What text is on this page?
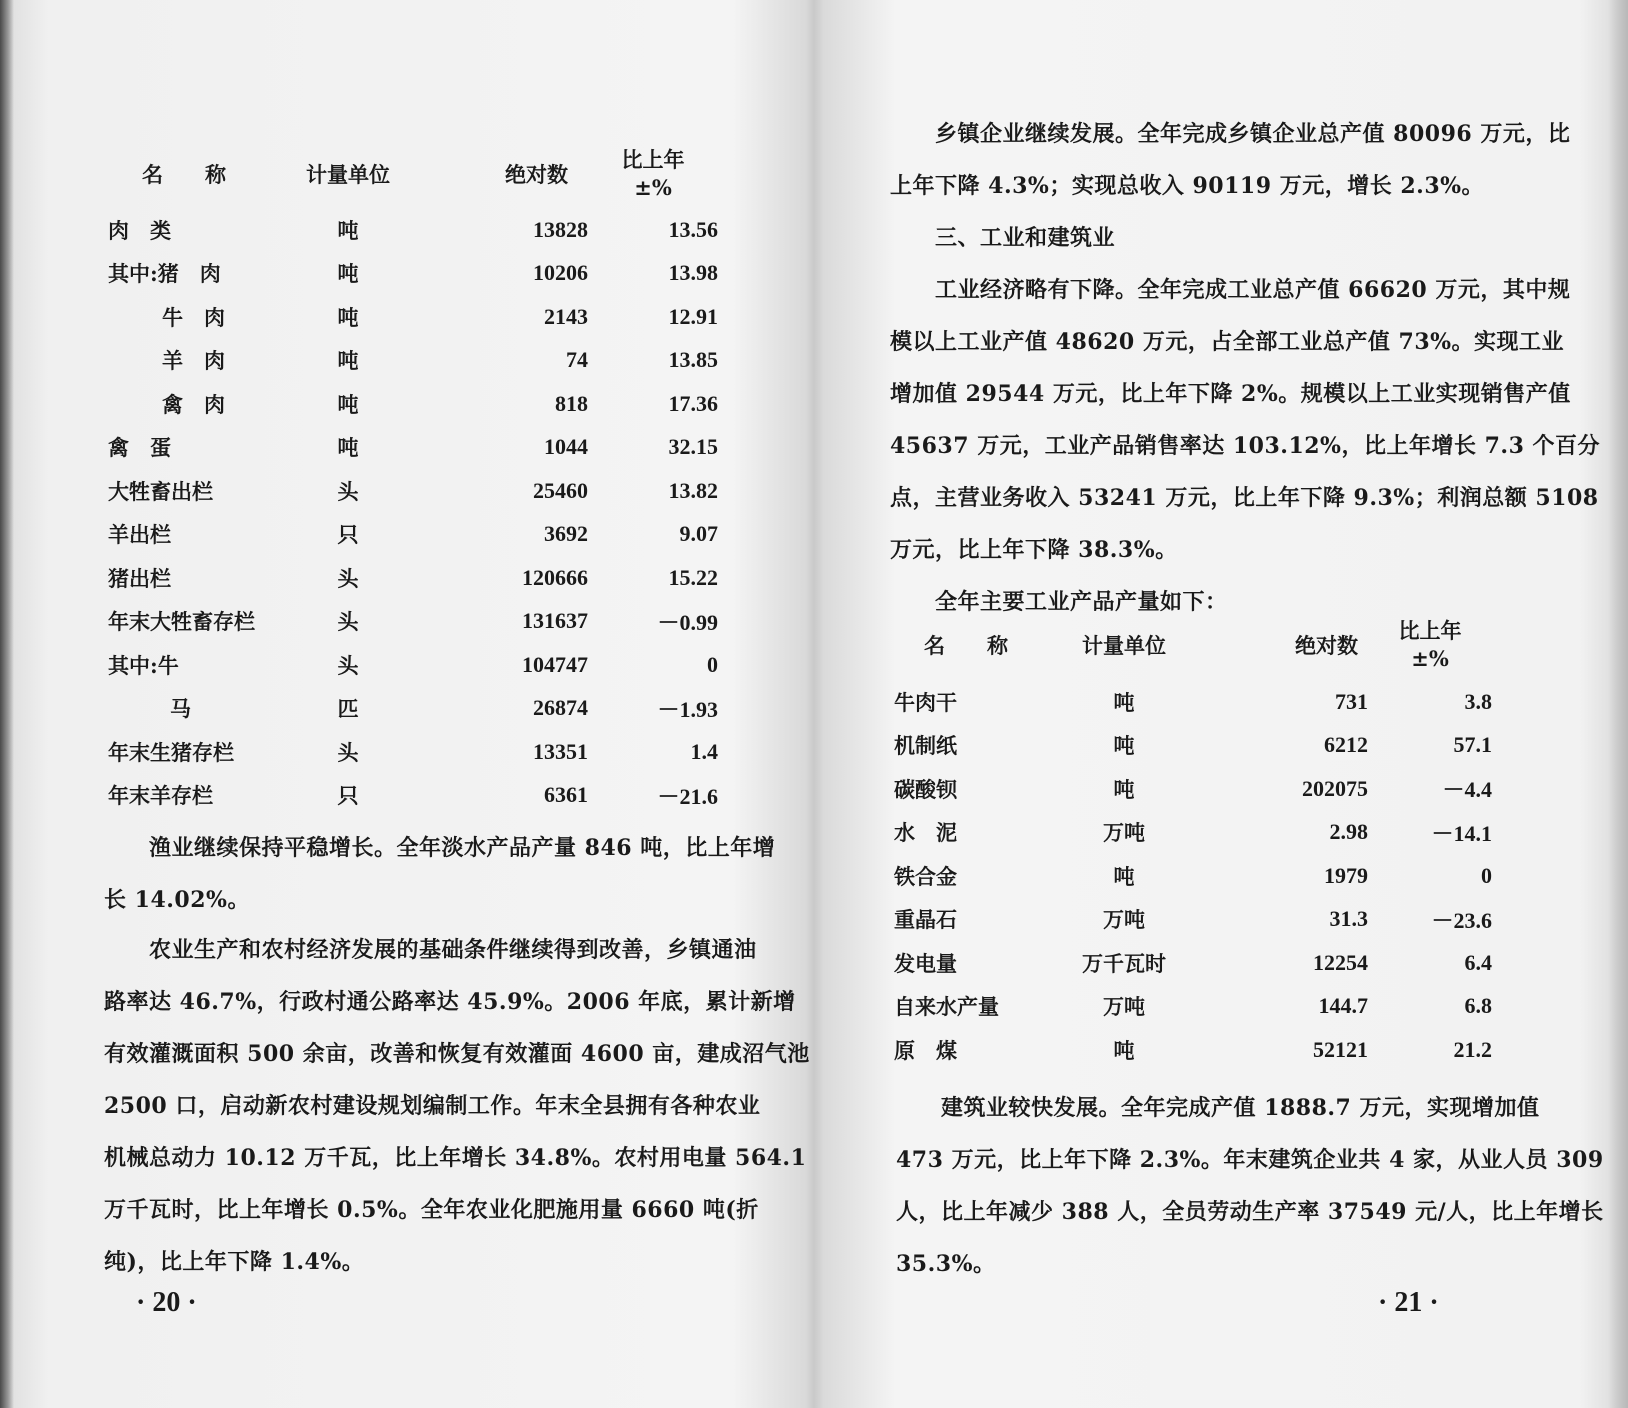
名　　称	计量单位	绝对数	比上年
±%
肉　类	吨	13828	13.56
其中:猪　肉	吨	10206	13.98
牛　肉	吨	2143	12.91
羊　肉	吨	74	13.85
禽　肉	吨	818	17.36
禽　蛋	吨	1044	32.15
大牲畜出栏	头	25460	13.82
羊出栏	只	3692	9.07
猪出栏	头	120666	15.22
年末大牲畜存栏	头	131637	－0.99
其中:牛	头	104747	0
马	匹	26874	－1.93
年末生猪存栏	头	13351	1.4
年末羊存栏	只	6361	－21.6
　　渔业继续保持平稳增长。全年淡水产品产量 846 吨，比上年增
长 14.02%。
　　农业生产和农村经济发展的基础条件继续得到改善，乡镇通油
路率达 46.7%，行政村通公路率达 45.9%。2006 年底，累计新增
有效灌溉面积 500 余亩，改善和恢复有效灌面 4600 亩，建成沼气池
2500 口，启动新农村建设规划编制工作。年末全县拥有各种农业
机械总动力 10.12 万千瓦，比上年增长 34.8%。农村用电量 564.1
万千瓦时，比上年增长 0.5%。全年农业化肥施用量 6660 吨(折
纯)，比上年下降 1.4%。
· 20 ·
　　乡镇企业继续发展。全年完成乡镇企业总产值 80096 万元，比
上年下降 4.3%；实现总收入 90119 万元，增长 2.3%。
　　三、工业和建筑业
　　工业经济略有下降。全年完成工业总产值 66620 万元，其中规
模以上工业产值 48620 万元，占全部工业总产值 73%。实现工业
增加值 29544 万元，比上年下降 2%。规模以上工业实现销售产值
45637 万元，工业产品销售率达 103.12%，比上年增长 7.3 个百分
点，主营业务收入 53241 万元，比上年下降 9.3%；利润总额 5108
万元，比上年下降 38.3%。
　　全年主要工业产品产量如下：
名　　称	计量单位	绝对数	比上年
±%
牛肉干	吨	731	3.8
机制纸	吨	6212	57.1
碳酸钡	吨	202075	－4.4
水　泥	万吨	2.98	－14.1
铁合金	吨	1979	0
重晶石	万吨	31.3	－23.6
发电量	万千瓦时	12254	6.4
自来水产量	万吨	144.7	6.8
原　煤	吨	52121	21.2
　　建筑业较快发展。全年完成产值 1888.7 万元，实现增加值
473 万元，比上年下降 2.3%。年末建筑企业共 4 家，从业人员 309
人，比上年减少 388 人，全员劳动生产率 37549 元/人，比上年增长
35.3%。
· 21 ·
